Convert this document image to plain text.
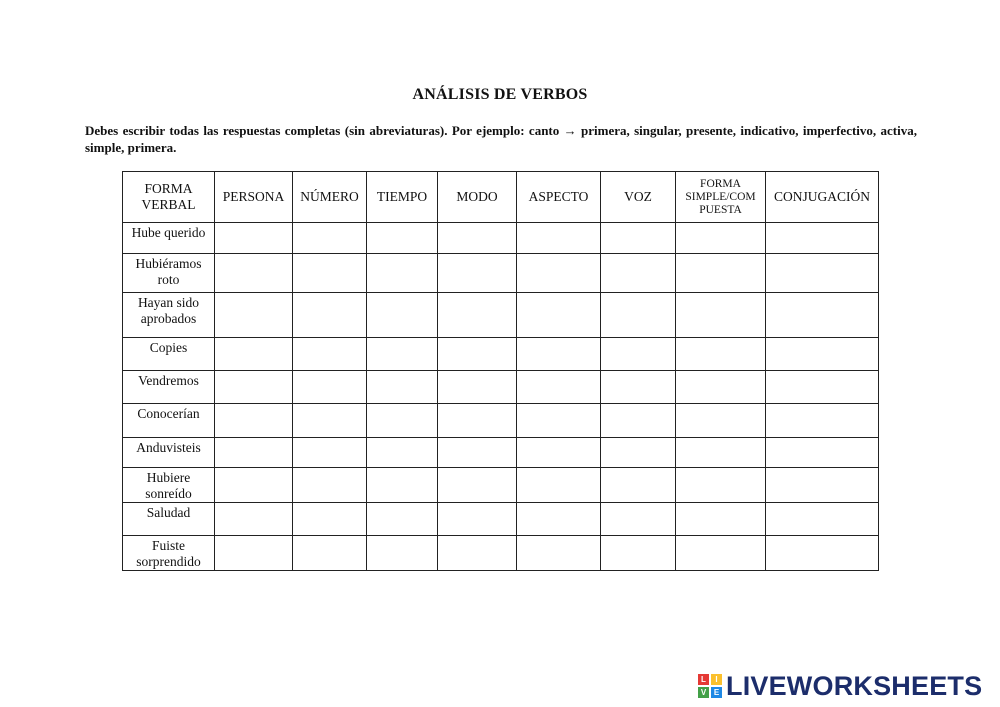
ANÁLISIS DE VERBOS
Debes escribir todas las respuestas completas (sin abreviaturas). Por ejemplo: canto → primera, singular, presente, indicativo, imperfectivo, activa, simple, primera.
FORMA VERBAL	PERSONA	NÚMERO	TIEMPO	MODO	ASPECTO	VOZ	FORMA SIMPLE/COM PUESTA	CONJUGACIÓN
Hube querido								
Hubiéramos roto								
Hayan sido aprobados								
Copies								
Vendremos								
Conocerían								
Anduvisteis								
Hubiere sonreído								
Saludad								
Fuiste sorprendido								
L	I
V E LIVEWORKSHEETS
